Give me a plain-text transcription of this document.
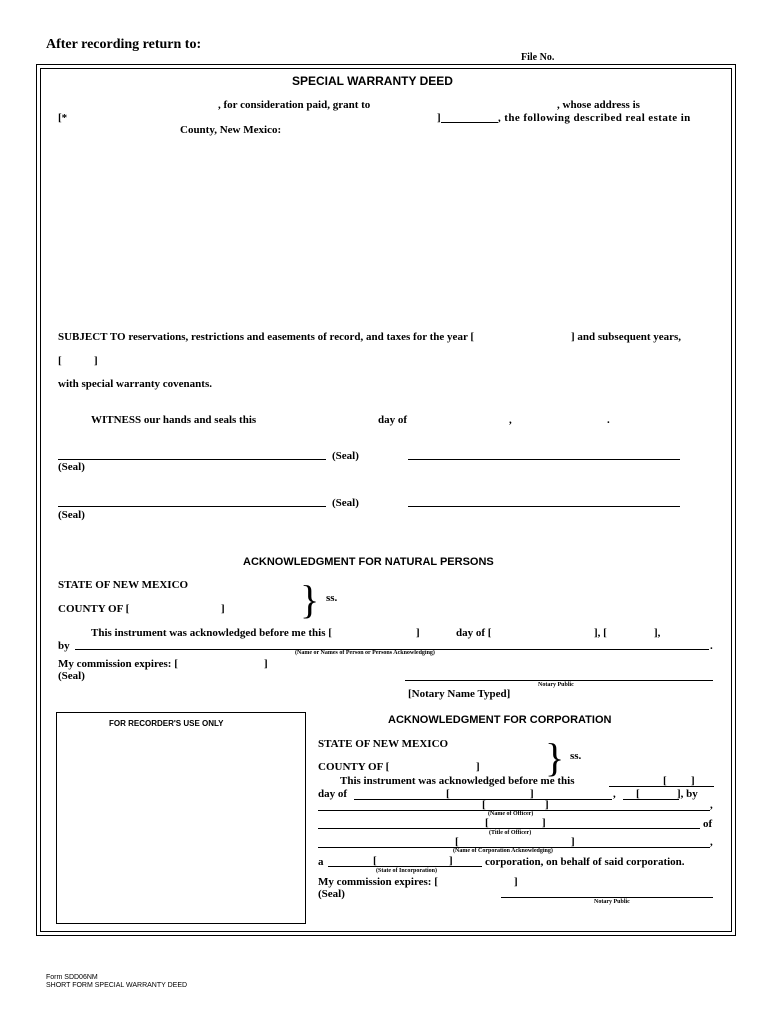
After recording return to:
File No.
SPECIAL WARRANTY DEED
, for consideration paid, grant to	, whose address is
[*	]	, the following described real estate in
County, New Mexico:
SUBJECT TO reservations, restrictions and easements of record, and taxes for the year [	] and subsequent years,
[	]
with special warranty covenants.
WITNESS our hands and seals this	day of	,	.
(Seal)
(Seal)
(Seal)
(Seal)
ACKNOWLEDGMENT FOR NATURAL PERSONS
STATE OF NEW MEXICO
COUNTY OF [	] } ss.
This instrument was acknowledged before me this [	]	day of [	], [	],
by	.
(Name or Names of Person or Persons Acknowledging)
My commission expires: [	]
(Seal)
Notary Public
[Notary Name Typed]
FOR RECORDER'S USE ONLY	ACKNOWLEDGMENT FOR CORPORATION
STATE OF NEW MEXICO } ss.
COUNTY OF [	]
This instrument was acknowledged before me this	[ ]
day of	[	]	, [	], by
[	]	,
(Name of Officer)
[	]	of
(Title of Officer)
[	]	,
(Name of Corporation Acknowledging)
a	[	]	corporation, on behalf of said corporation.
(State of Incorporation)
My commission expires: [	]
(Seal)
Notary Public
Form SDD06NM
SHORT FORM SPECIAL WARRANTY DEED
